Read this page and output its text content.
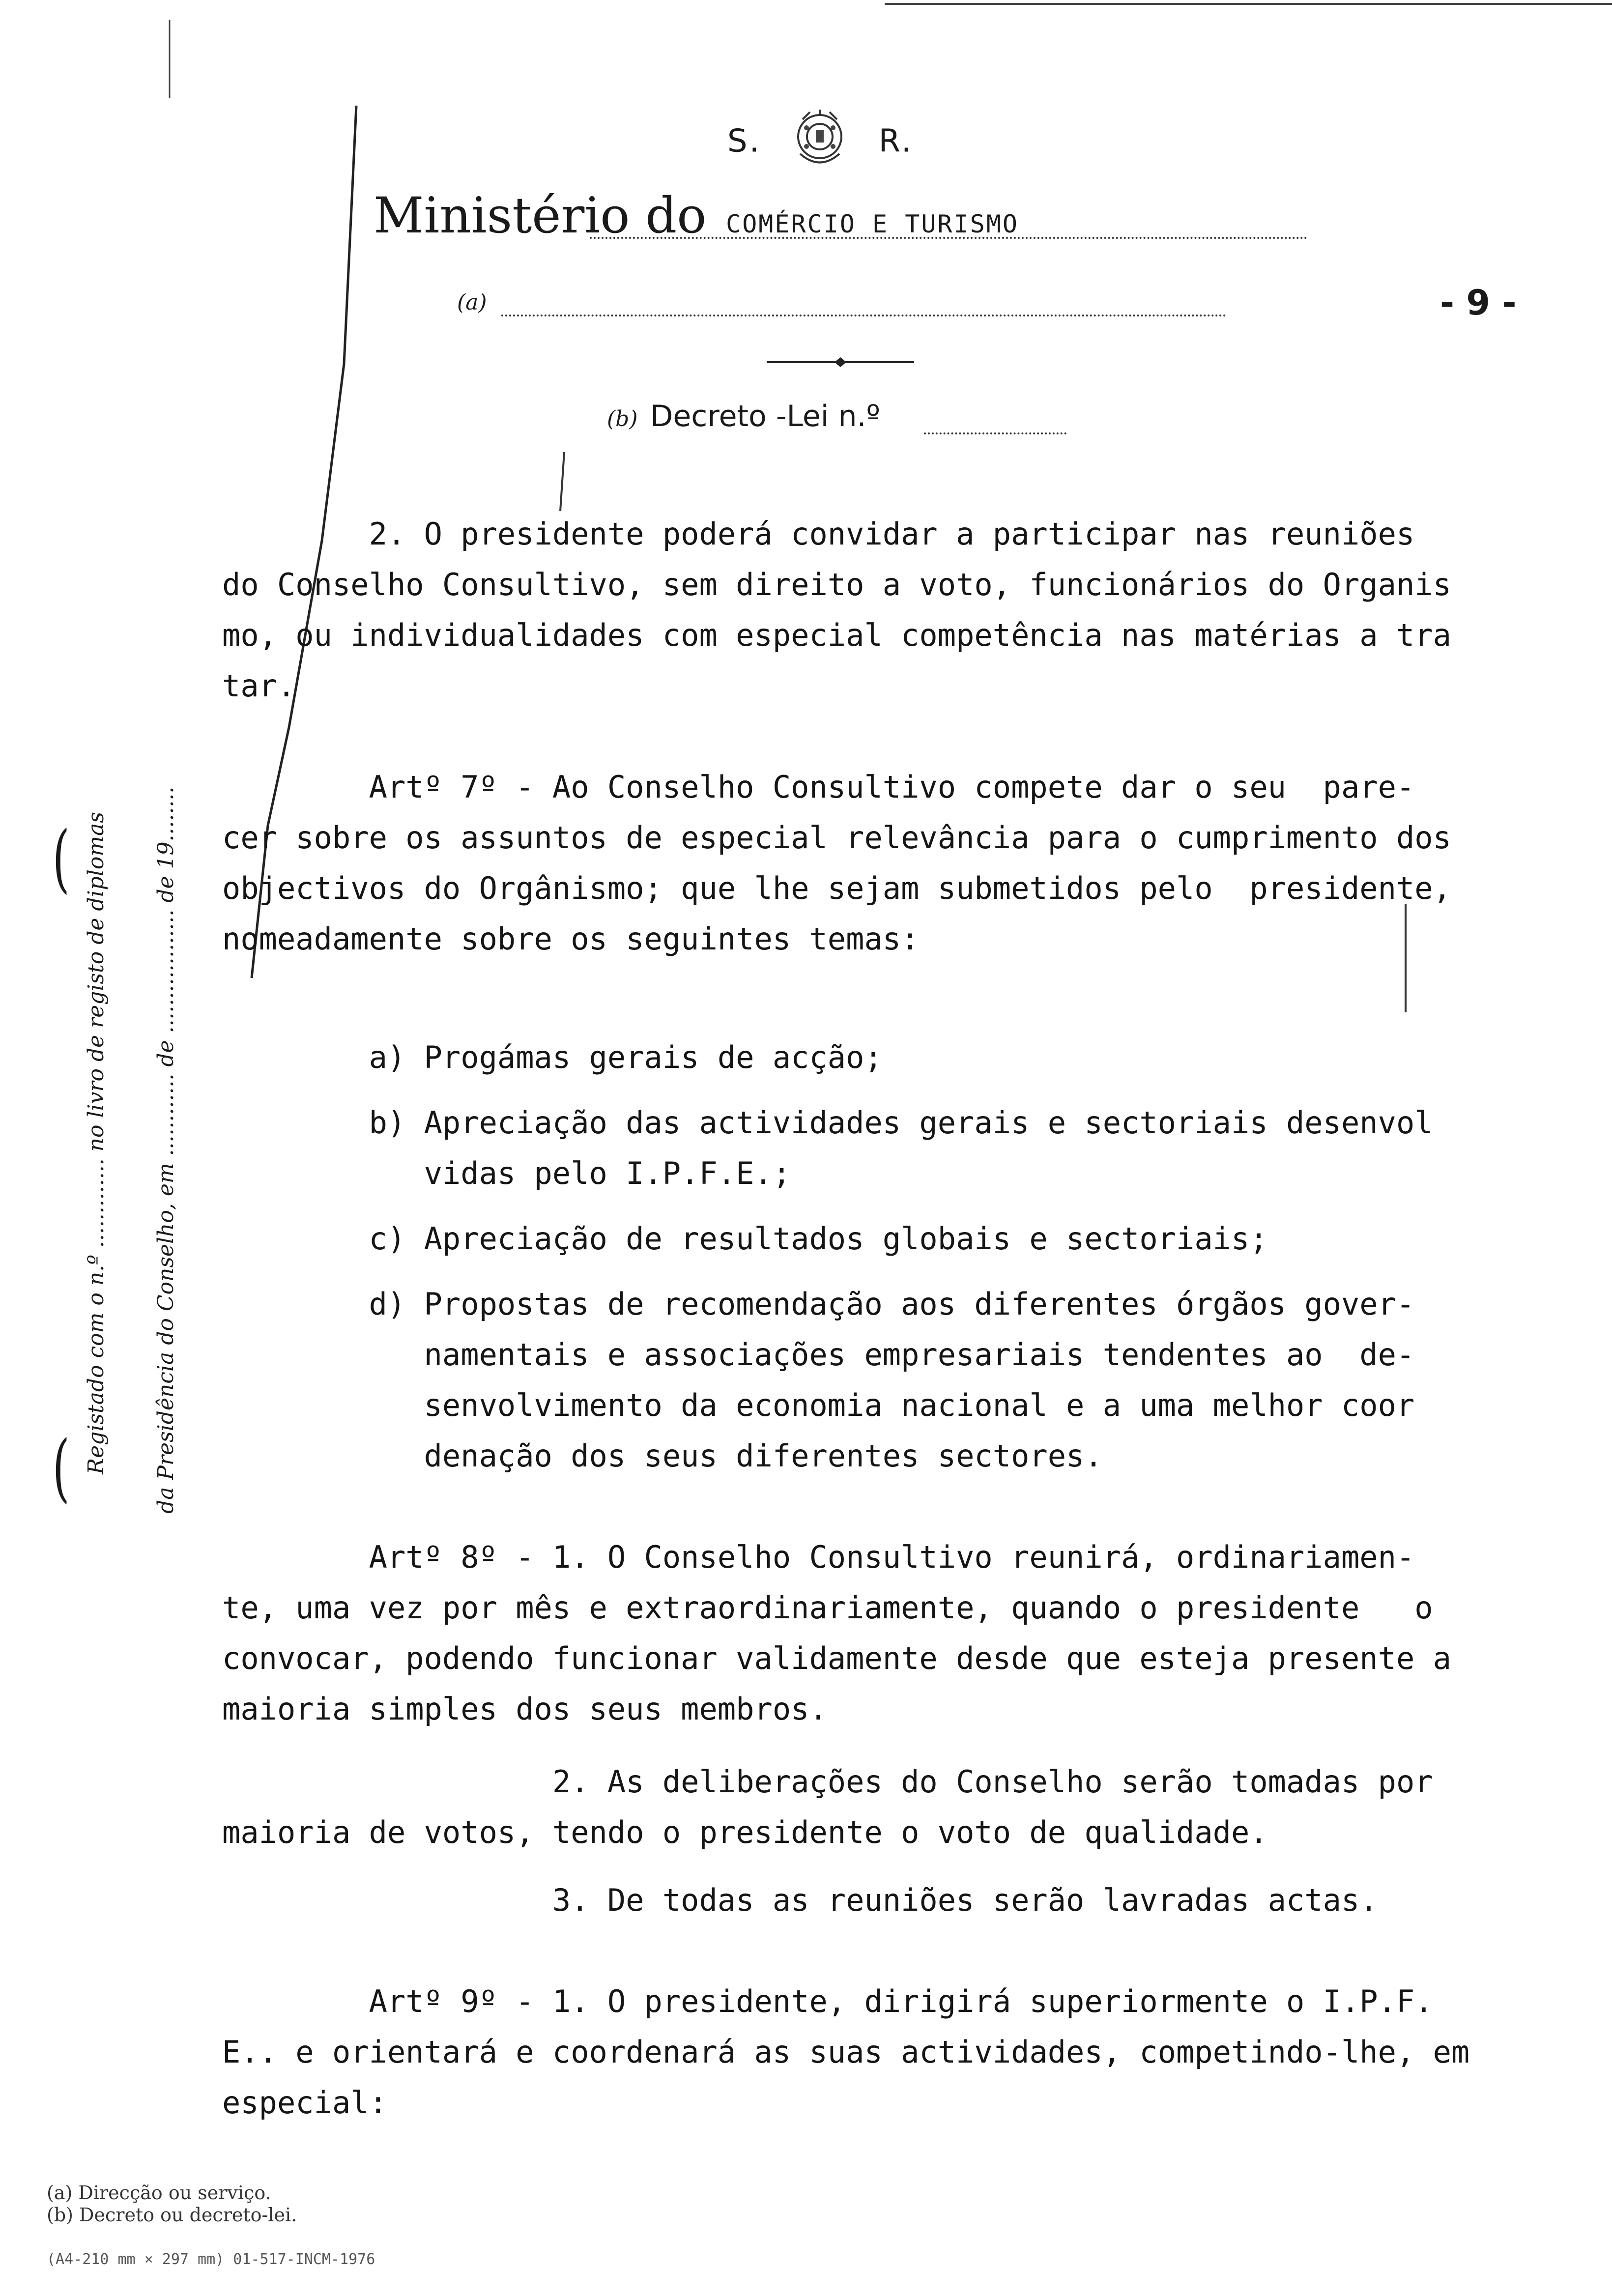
S.	R.
Ministério do COMÉRCIO E TURISMO
(a)	- 9 -
(b) Decreto -Lei n.º
Registado com o n.º ............. no livro de registo de diplomas da Presidência do Conselho, em ............ de .................. de 19........
(
(
2. O presidente poderá convidar a participar nas reuniões
do Conselho Consultivo, sem direito a voto, funcionários do Organis
mo, ou individualidades com especial competência nas matérias a tra
tar.
Artº 7º - Ao Conselho Consultivo compete dar o seu  pare-
cer sobre os assuntos de especial relevância para o cumprimento dos
objectivos do Orgânismo; que lhe sejam submetidos pelo  presidente,
nomeadamente sobre os seguintes temas:
a) Progámas gerais de acção;
b) Apreciação das actividades gerais e sectoriais desenvol
vidas pelo I.P.F.E.;
c) Apreciação de resultados globais e sectoriais;
d) Propostas de recomendação aos diferentes órgãos gover-
namentais e associações empresariais tendentes ao  de-
senvolvimento da economia nacional e a uma melhor coor
denação dos seus diferentes sectores.
Artº 8º - 1. O Conselho Consultivo reunirá, ordinariamen-
te, uma vez por mês e extraordinariamente, quando o presidente   o
convocar, podendo funcionar validamente desde que esteja presente a
maioria simples dos seus membros.
2. As deliberações do Conselho serão tomadas por
maioria de votos, tendo o presidente o voto de qualidade.
3. De todas as reuniões serão lavradas actas.
Artº 9º - 1. O presidente, dirigirá superiormente o I.P.F.
E.. e orientará e coordenará as suas actividades, competindo-lhe, em
especial:
(a) Direcção ou serviço.
(b) Decreto ou decreto-lei.
(A4-210 mm × 297 mm) 01-517-INCM-1976
